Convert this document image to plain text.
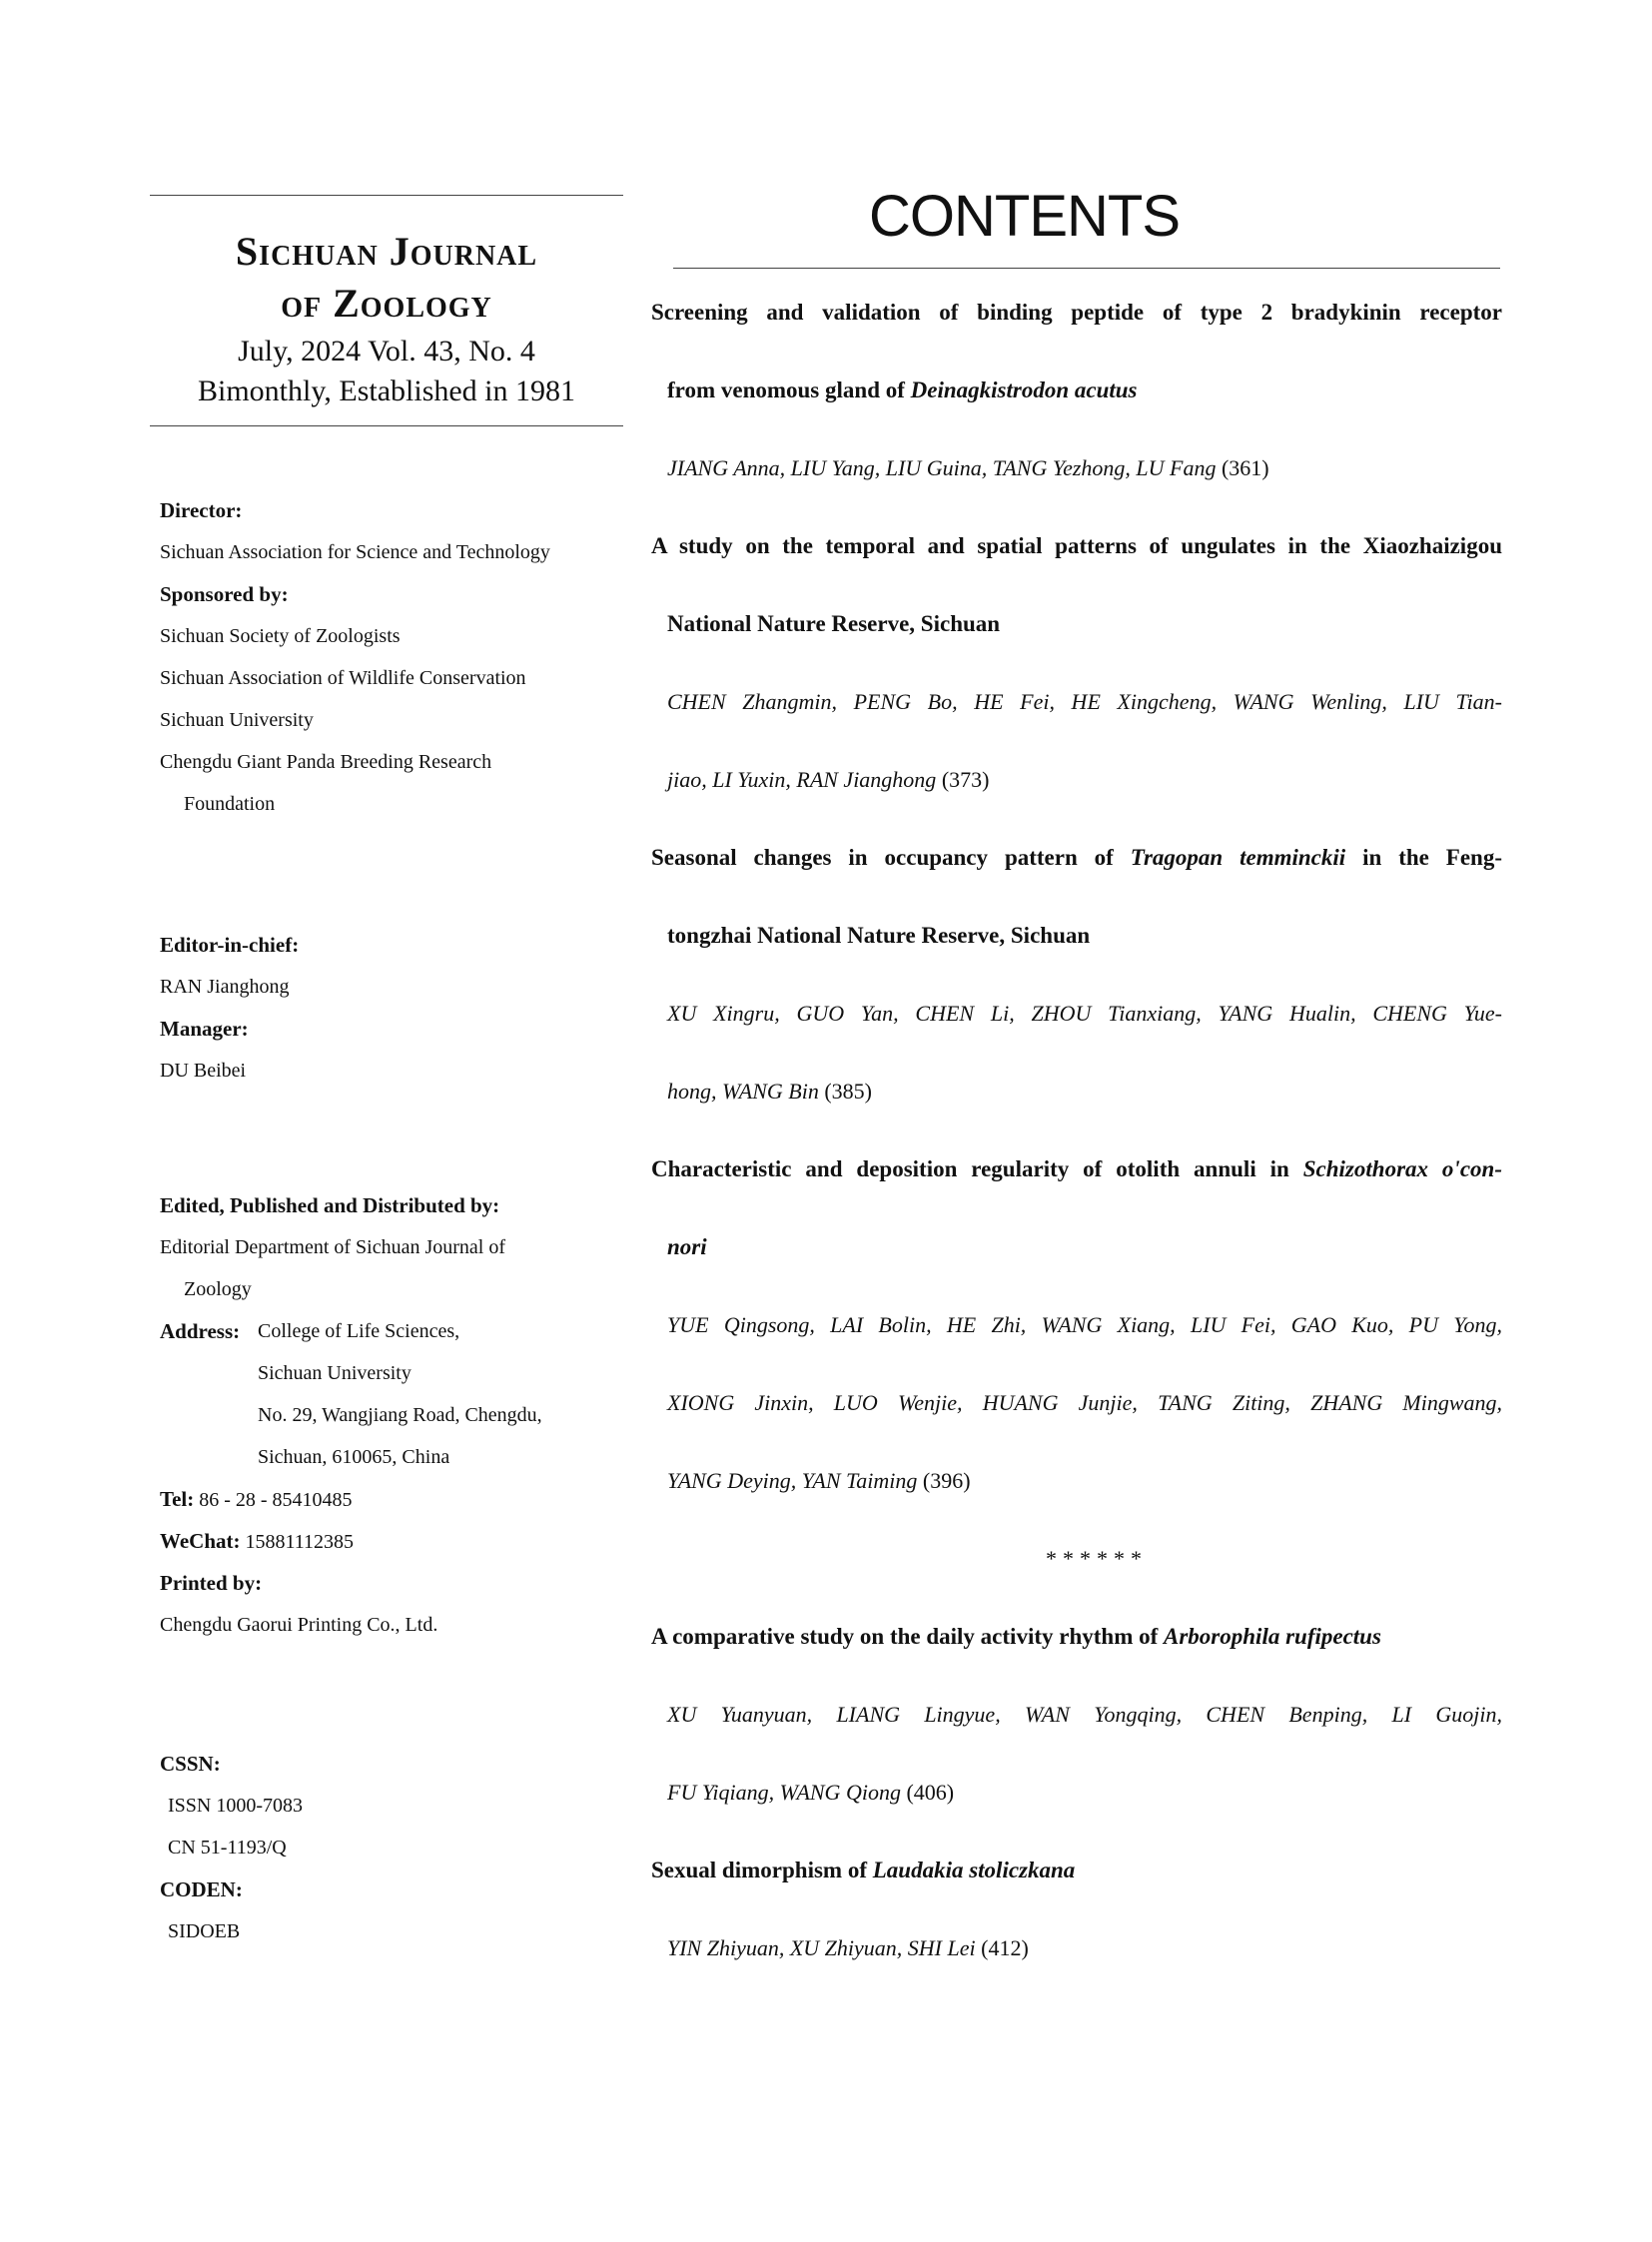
Sichuan Journal
of Zoology
July, 2024 Vol. 43, No. 4
Bimonthly, Established in 1981
Director:
Sichuan Association for Science and Technology
Sponsored by:
Sichuan Society of Zoologists
Sichuan Association of Wildlife Conservation
Sichuan University
Chengdu Giant Panda Breeding Research
Foundation
Editor-in-chief:
RAN Jianghong
Manager:
DU Beibei
Edited, Published and Distributed by:
Editorial Department of Sichuan Journal of
Zoology
Address: College of Life Sciences,
Sichuan University
No. 29, Wangjiang Road, Chengdu,
Sichuan, 610065, China
Tel: 86 - 28 - 85410485
WeChat: 15881112385
Printed by:
Chengdu Gaorui Printing Co., Ltd.
CSSN:
ISSN 1000-7083
CN 51-1193/Q
CODEN:
SIDOEB
CONTENTS
Screening and validation of binding peptide of type 2 bradykinin receptor
from venomous gland of Deinagkistrodon acutus
JIANG Anna, LIU Yang, LIU Guina, TANG Yezhong, LU Fang (361)
A study on the temporal and spatial patterns of ungulates in the Xiaozhaizigou
National Nature Reserve, Sichuan
CHEN Zhangmin, PENG Bo, HE Fei, HE Xingcheng, WANG Wenling, LIU Tian-
jiao, LI Yuxin, RAN Jianghong (373)
Seasonal changes in occupancy pattern of Tragopan temminckii in the Feng-
tongzhai National Nature Reserve, Sichuan
XU Xingru, GUO Yan, CHEN Li, ZHOU Tianxiang, YANG Hualin, CHENG Yue-
hong, WANG Bin (385)
Characteristic and deposition regularity of otolith annuli in Schizothorax o'con-
nori
YUE Qingsong, LAI Bolin, HE Zhi, WANG Xiang, LIU Fei, GAO Kuo, PU Yong,
XIONG Jinxin, LUO Wenjie, HUANG Junjie, TANG Ziting, ZHANG Mingwang,
YANG Deying, YAN Taiming (396)
******
A comparative study on the daily activity rhythm of Arborophila rufipectus
XU Yuanyuan, LIANG Lingyue, WAN Yongqing, CHEN Benping, LI Guojin,
FU Yiqiang, WANG Qiong (406)
Sexual dimorphism of Laudakia stoliczkana
YIN Zhiyuan, XU Zhiyuan, SHI Lei (412)
